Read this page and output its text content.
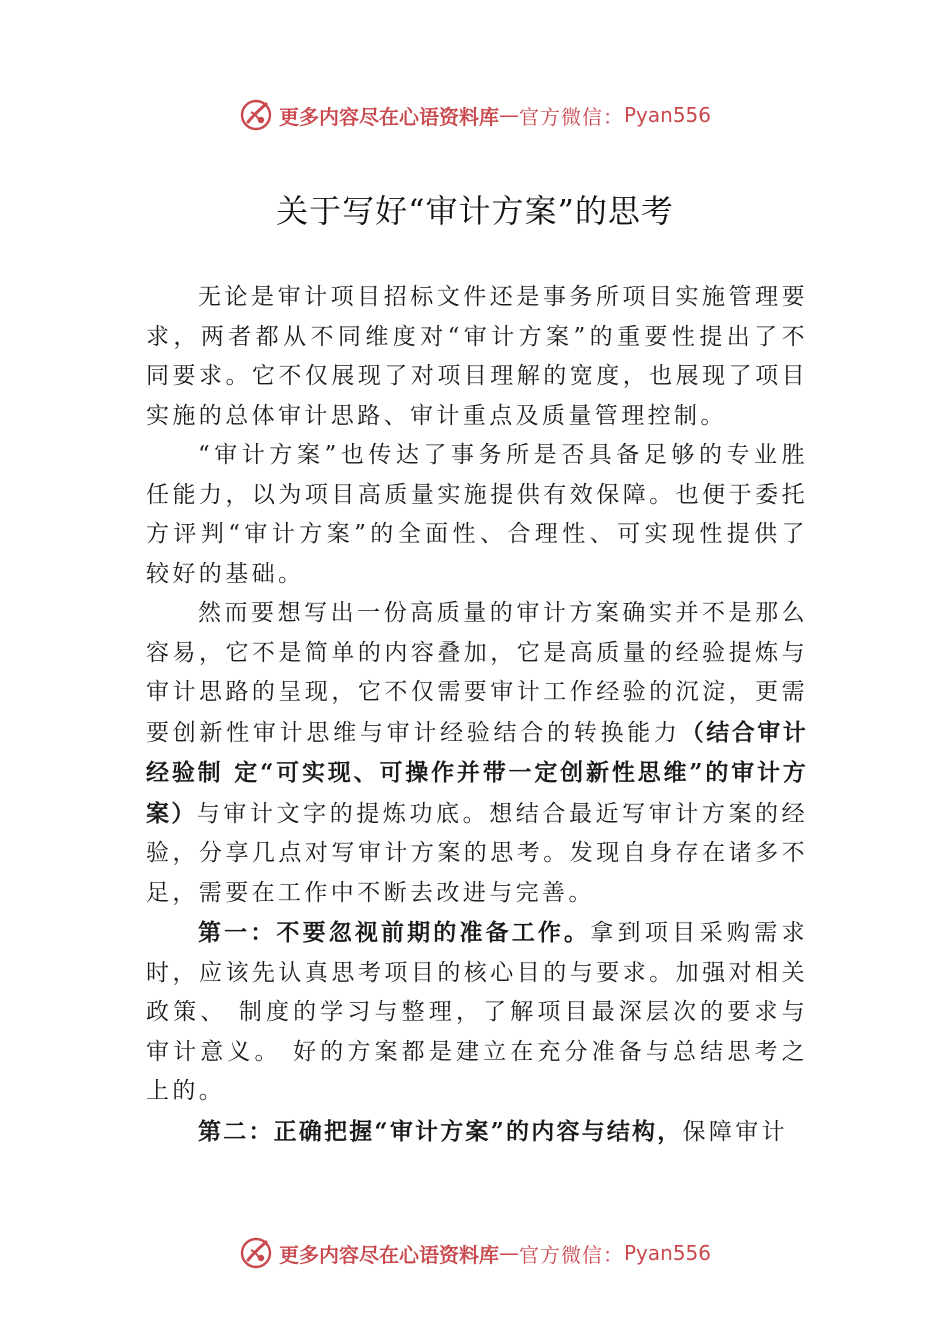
更多内容尽在心语资料库 — 官方微信： Pyan556
关于写好“审计方案”的思考

无论是审计项目招标文件还是事务所项目实施管理要求，两者都从不同维度对“审计方案”的重要性提出了不同要求。它不仅展现了对项目理解的宽度，也展现了项目实施的总体审计思路、审计重点及质量管理控制。

“审计方案”也传达了事务所是否具备足够的专业胜任能力，以为项目高质量实施提供有效保障。也便于委托方评判“审计方案”的全面性、合理性、可实现性提供了较好的基础。

然而要想写出一份高质量的审计方案确实并不是那么容易，它不是简单的内容叠加，它是高质量的经验提炼与审计思路的呈现，它不仅需要审计工作经验的沉淀，更需要创新性审计思维与审计经验结合的转换能力（结合审计经验制 定“可实现、可操作并带一定创新性思维”的审计方案）与审计文字的提炼功底。想结合最近写审计方案的经验，分享几点对写审计方案的思考。发现自身存在诸多不足，需要在工作中不断去改进与完善。

第一：不要忽视前期的准备工作。拿到项目采购需求时，应该先认真思考项目的核心目的与要求。加强对相关政策、 制度的学习与整理，了解项目最深层次的要求与审计意义。 好的方案都是建立在充分准备与总结思考之上的。

第二：正确把握“审计方案”的内容与结构，保障审计

更多内容尽在心语资料库 — 官方微信： Pyan556
